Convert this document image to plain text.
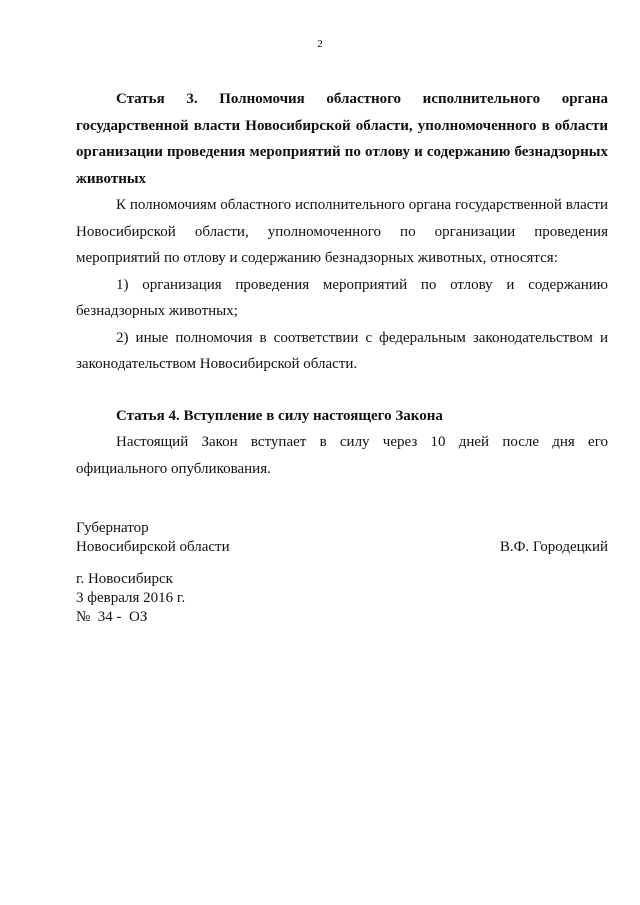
2

Статья 3. Полномочия областного исполнительного органа государственной власти Новосибирской области, уполномоченного в области организации проведения мероприятий по отлову и содержанию безнадзорных животных

К полномочиям областного исполнительного органа государственной власти Новосибирской области, уполномоченного по организации проведения мероприятий по отлову и содержанию безнадзорных животных, относятся:

1) организация проведения мероприятий по отлову и содержанию безнадзорных животных;

2) иные полномочия в соответствии с федеральным законодательством и законодательством Новосибирской области.

Статья 4. Вступление в силу настоящего Закона

Настоящий Закон вступает в силу через 10 дней после дня его официального опубликования.

Губернатор
Новосибирской области	В.Ф. Городецкий
г. Новосибирск
3 февраля 2016 г.
№  34 -  ОЗ
